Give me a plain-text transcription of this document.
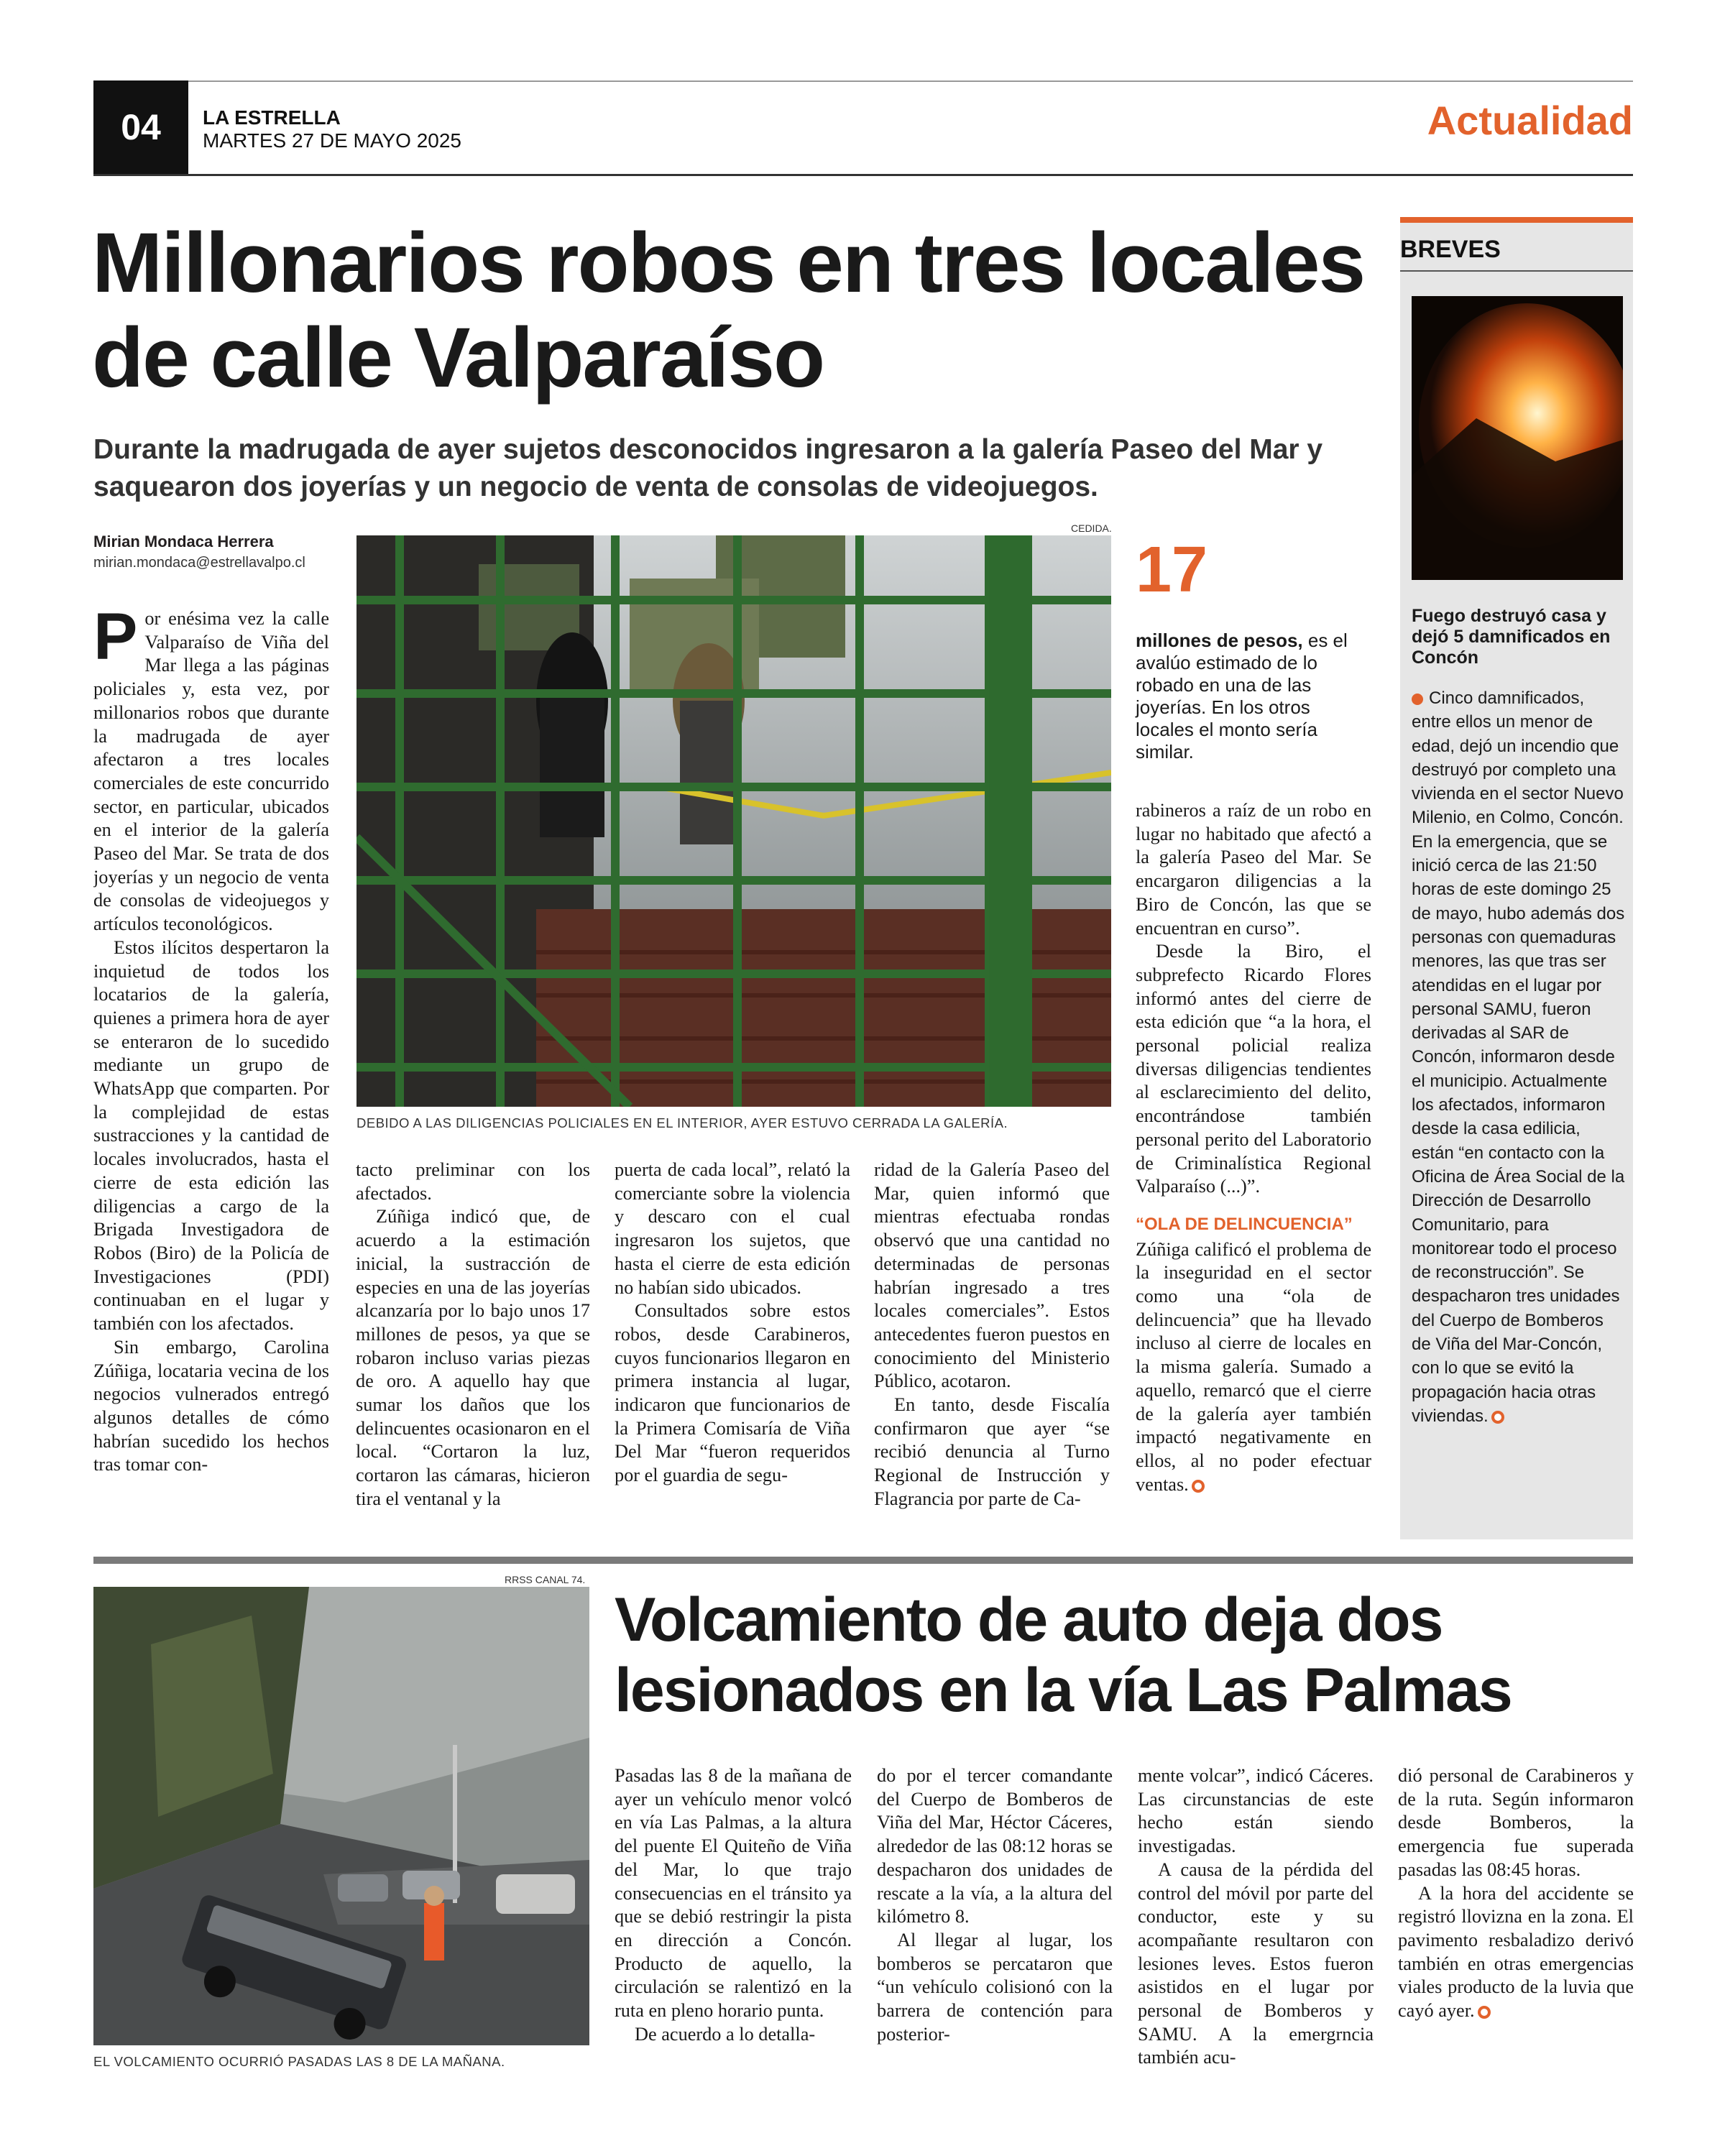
04	LA ESTRELLA
MARTES 27 DE MAYO 2025	Actualidad
Millonarios robos en tres locales de calle Valparaíso
Durante la madrugada de ayer sujetos desconocidos ingresaron a la galería Paseo del Mar y saquearon dos joyerías y un negocio de venta de consolas de videojuegos.
Mirian Mondaca Herrera
mirian.mondaca@estrellavalpo.cl
P or enésima vez la calle Valparaíso de Viña del Mar llega a las páginas policiales y, esta vez, por millonarios robos que durante la madrugada de ayer afectaron a tres locales comerciales de este concurrido sector, en particular, ubicados en el interior de la galería Paseo del Mar. Se trata de dos joyerías y un negocio de venta de consolas de videojuegos y artículos teconológicos.

Estos ilícitos despertaron la inquietud de todos los locatarios de la galería, quienes a primera hora de ayer se enteraron de lo sucedido mediante un grupo de WhatsApp que comparten. Por la complejidad de estas sustracciones y la cantidad de locales involucrados, hasta el cierre de esta edición las diligencias a cargo de la Brigada Investigadora de Robos (Biro) de la Policía de Investigaciones (PDI) continuaban en el lugar y también con los afectados.

Sin embargo, Carolina Zúñiga, locataria vecina de los negocios vulnerados entregó algunos detalles de cómo habrían sucedido los hechos tras tomar con-

CEDIDA.
DEBIDO A LAS DILIGENCIAS POLICIALES EN EL INTERIOR, AYER ESTUVO CERRADA LA GALERÍA.

tacto preliminar con los afectados.

Zúñiga indicó que, de acuerdo a la estimación inicial, la sustracción de especies en una de las joyerías alcanzaría por lo bajo unos 17 millones de pesos, ya que se robaron incluso varias piezas de oro. A aquello hay que sumar los daños que los delincuentes ocasionaron en el local. “Cortaron la luz, cortaron las cámaras, hicieron tira el ventanal y la

puerta de cada local”, relató la comerciante sobre la violencia y descaro con el cual ingresaron los sujetos, que hasta el cierre de esta edición no habían sido ubicados.

Consultados sobre estos robos, desde Carabineros, cuyos funcionarios llegaron en primera instancia al lugar, indicaron que funcionarios de la Primera Comisaría de Viña Del Mar “fueron requeridos por el guardia de segu-

ridad de la Galería Paseo del Mar, quien informó que mientras efectuaba rondas observó que una cantidad no determinadas de personas habrían ingresado a tres locales comerciales”. Estos antecedentes fueron puestos en conocimiento del Ministerio Público, acotaron.

En tanto, desde Fiscalía confirmaron que ayer “se recibió denuncia al Turno Regional de Instrucción y Flagrancia por parte de Ca-

17
millones de pesos, es el avalúo estimado de lo robado en una de las joyerías. En los otros locales el monto sería similar.

rabineros a raíz de un robo en lugar no habitado que afectó a la galería Paseo del Mar. Se encargaron diligencias a la Biro de Concón, las que se encuentran en curso”.

Desde la Biro, el subprefecto Ricardo Flores informó antes del cierre de esta edición que “a la hora, el personal policial realiza diversas diligencias tendientes al esclarecimiento del delito, encontrándose también personal perito del Laboratorio de Criminalística Regional Valparaíso (...)”.

“OLA DE DELINCUENCIA”

Zúñiga calificó el problema de la inseguridad en el sector como una “ola de delincuencia” que ha llevado incluso al cierre de locales en la misma galería. Sumado a aquello, remarcó que el cierre de la galería ayer también impactó negativamente en ellos, al no poder efectuar ventas.

BREVES
Fuego destruyó casa y dejó 5 damnificados en Concón
Cinco damnificados, entre ellos un menor de edad, dejó un incendio que destruyó por completo una vivienda en el sector Nuevo Milenio, en Colmo, Concón. En la emergencia, que se inició cerca de las 21:50 horas de este domingo 25 de mayo, hubo además dos personas con quemaduras menores, las que tras ser atendidas en el lugar por personal SAMU, fueron derivadas al SAR de Concón, informaron desde el municipio. Actualmente los afectados, informaron desde la casa edilicia, están “en contacto con la Oficina de Área Social de la Dirección de Desarrollo Comunitario, para monitorear todo el proceso de reconstrucción”. Se despacharon tres unidades del Cuerpo de Bomberos de Viña del Mar-Concón, con lo que se evitó la propagación hacia otras viviendas.
RRSS CANAL 74.
EL VOLCAMIENTO OCURRIÓ PASADAS LAS 8 DE LA MAÑANA.
Volcamiento de auto deja dos lesionados en la vía Las Palmas

Pasadas las 8 de la mañana de ayer un vehículo menor volcó en vía Las Palmas, a la altura del puente El Quiteño de Viña del Mar, lo que trajo consecuencias en el tránsito ya que se debió restringir la pista en dirección a Concón. Producto de aquello, la circulación se ralentizó en la ruta en pleno horario punta.

De acuerdo a lo detalla-

do por el tercer comandante del Cuerpo de Bomberos de Viña del Mar, Héctor Cáceres, alrededor de las 08:12 horas se despacharon dos unidades de rescate a la vía, a la altura del kilómetro 8.

Al llegar al lugar, los bomberos se percataron que “un vehículo colisionó con la barrera de contención para posterior-

mente volcar”, indicó Cáceres. Las circunstancias de este hecho están siendo investigadas.

A causa de la pérdida del control del móvil por parte del conductor, este y su acompañante resultaron con lesiones leves. Estos fueron asistidos en el lugar por personal de Bomberos y SAMU. A la emergrncia también acu-

dió personal de Carabineros y de la ruta. Según informaron desde Bomberos, la emergencia fue superada pasadas las 08:45 horas.

A la hora del accidente se registró llovizna en la zona. El pavimento resbaladizo derivó también en otras emergencias viales producto de la luvia que cayó ayer.
